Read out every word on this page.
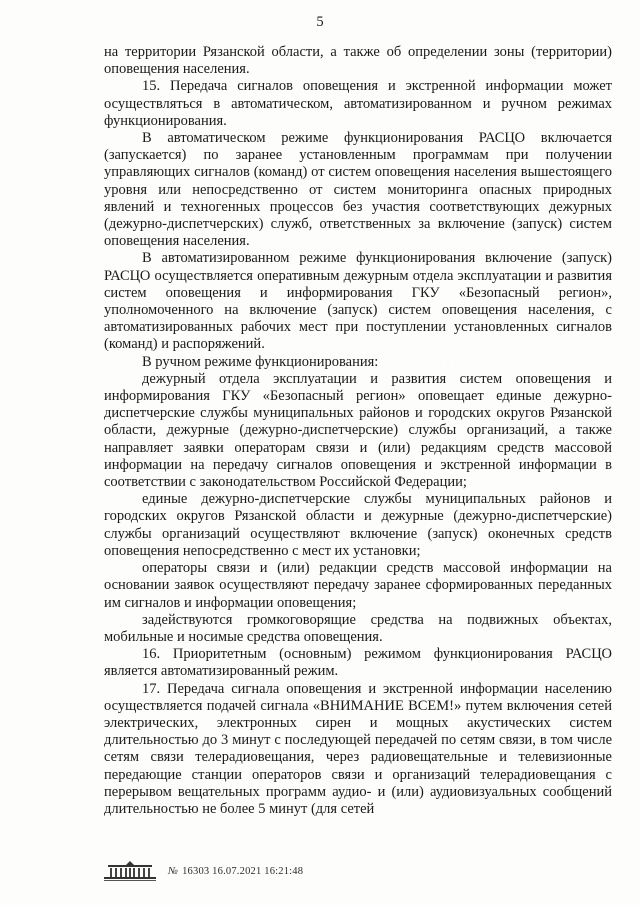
5

на территории Рязанской области, а также об определении зоны (территории) оповещения населения.

15. Передача сигналов оповещения и экстренной информации может осуществляться в автоматическом, автоматизированном и ручном режимах функционирования.

В автоматическом режиме функционирования РАСЦО включается (запускается) по заранее установленным программам при получении управляющих сигналов (команд) от систем оповещения населения вышестоящего уровня или непосредственно от систем мониторинга опасных природных явлений и техногенных процессов без участия соответствующих дежурных (дежурно-диспетчерских) служб, ответственных за включение (запуск) систем оповещения населения.

В автоматизированном режиме функционирования включение (запуск) РАСЦО осуществляется оперативным дежурным отдела эксплуатации и развития систем оповещения и информирования ГКУ «Безопасный регион», уполномоченного на включение (запуск) систем оповещения населения, с автоматизированных рабочих мест при поступлении установленных сигналов (команд) и распоряжений.

В ручном режиме функционирования:

дежурный отдела эксплуатации и развития систем оповещения и информирования ГКУ «Безопасный регион» оповещает единые дежурно-диспетчерские службы муниципальных районов и городских округов Рязанской области, дежурные (дежурно-диспетчерские) службы организаций, а также направляет заявки операторам связи и (или) редакциям средств массовой информации на передачу сигналов оповещения и экстренной информации в соответствии с законодательством Российской Федерации;

единые дежурно-диспетчерские службы муниципальных районов и городских округов Рязанской области и дежурные (дежурно-диспетчерские) службы организаций осуществляют включение (запуск) оконечных средств оповещения непосредственно с мест их установки;

операторы связи и (или) редакции средств массовой информации на основании заявок осуществляют передачу заранее сформированных переданных им сигналов и информации оповещения;

задействуются громкоговорящие средства на подвижных объектах, мобильные и носимые средства оповещения.

16. Приоритетным (основным) режимом функционирования РАСЦО является автоматизированный режим.

17. Передача сигнала оповещения и экстренной информации населению осуществляется подачей сигнала «ВНИМАНИЕ ВСЕМ!» путем включения сетей электрических, электронных сирен и мощных акустических систем длительностью до 3 минут с последующей передачей по сетям связи, в том числе сетям связи телерадиовещания, через радиовещательные и телевизионные передающие станции операторов связи и организаций телерадиовещания с перерывом вещательных программ аудио- и (или) аудиовизуальных сообщений длительностью не более 5 минут (для сетей

№ 16303 16.07.2021 16:21:48
